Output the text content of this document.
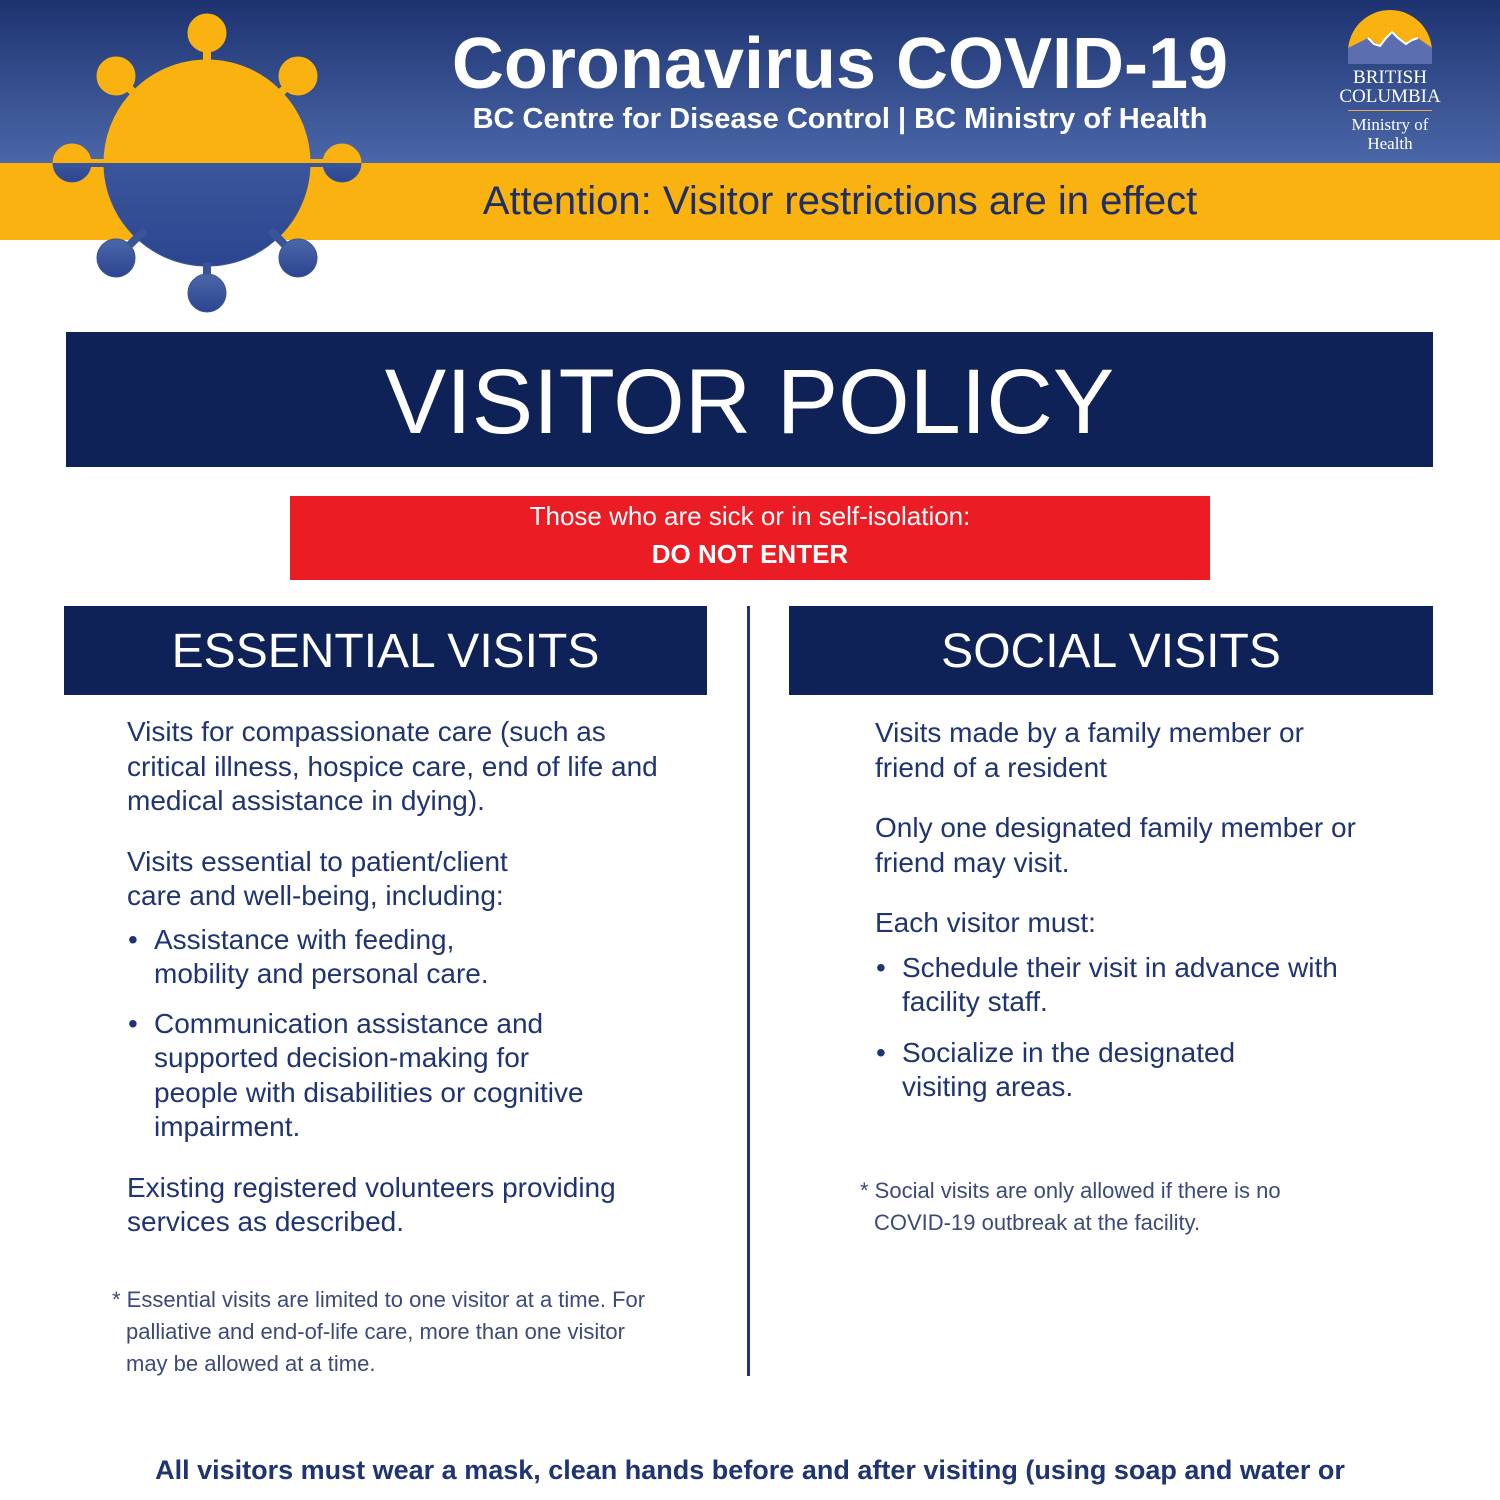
Coronavirus COVID-19
BC Centre for Disease Control | BC Ministry of Health
Attention: Visitor restrictions are in effect
BRITISH
COLUMBIA
Ministry of
Health
VISITOR POLICY
Those who are sick or in self-isolation:
DO NOT ENTER
ESSENTIAL VISITS	SOCIAL VISITS
Visits for compassionate care (such as critical illness, hospice care, end of life and medical assistance in dying).
Visits essential to patient/client care and well-being, including:
• Assistance with feeding, mobility and personal care.
• Communication assistance and supported decision-making for people with disabilities or cognitive impairment.
Existing registered volunteers providing services as described.
* Essential visits are limited to one visitor at a time. For palliative and end-of-life care, more than one visitor may be allowed at a time.
Visits made by a family member or friend of a resident
Only one designated family member or friend may visit.
Each visitor must:
• Schedule their visit in advance with facility staff.
• Socialize in the designated visiting areas.
* Social visits are only allowed if there is no COVID-19 outbreak at the facility.
All visitors must wear a mask, clean hands before and after visiting (using soap and water or
